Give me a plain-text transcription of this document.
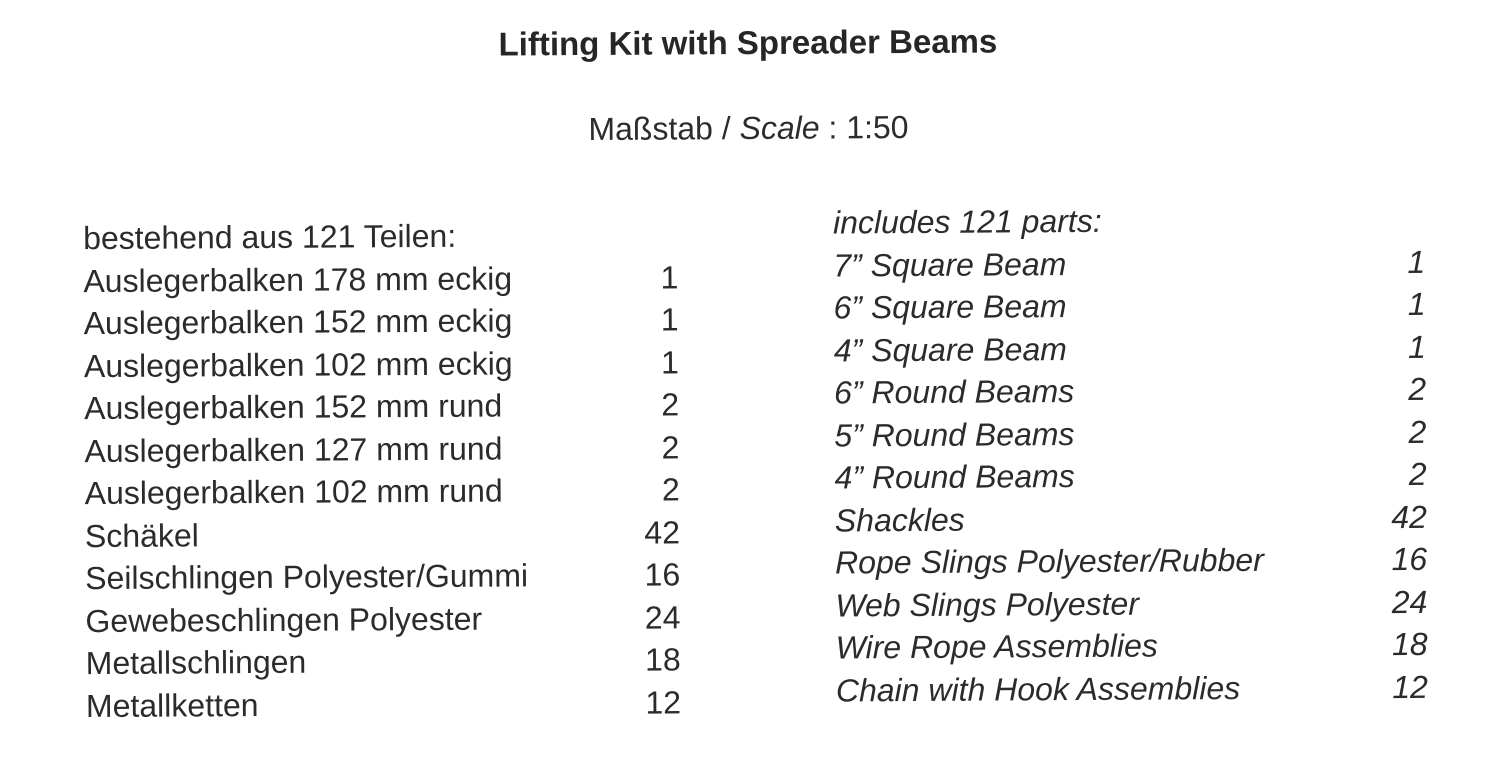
Lifting Kit with Spreader Beams
Maßstab / Scale : 1:50
bestehend aus 121 Teilen:
Auslegerbalken 178 mm eckig	1
Auslegerbalken 152 mm eckig	1
Auslegerbalken 102 mm eckig	1
Auslegerbalken 152 mm rund	2
Auslegerbalken 127 mm rund	2
Auslegerbalken 102 mm rund	2
Schäkel	42
Seilschlingen Polyester/Gummi	16
Gewebeschlingen Polyester	24
Metallschlingen	18
Metallketten	12
includes 121 parts:
7” Square Beam	1
6” Square Beam	1
4” Square Beam	1
6” Round Beams	2
5” Round Beams	2
4” Round Beams	2
Shackles	42
Rope Slings Polyester/Rubber	16
Web Slings Polyester	24
Wire Rope Assemblies	18
Chain with Hook Assemblies	12
